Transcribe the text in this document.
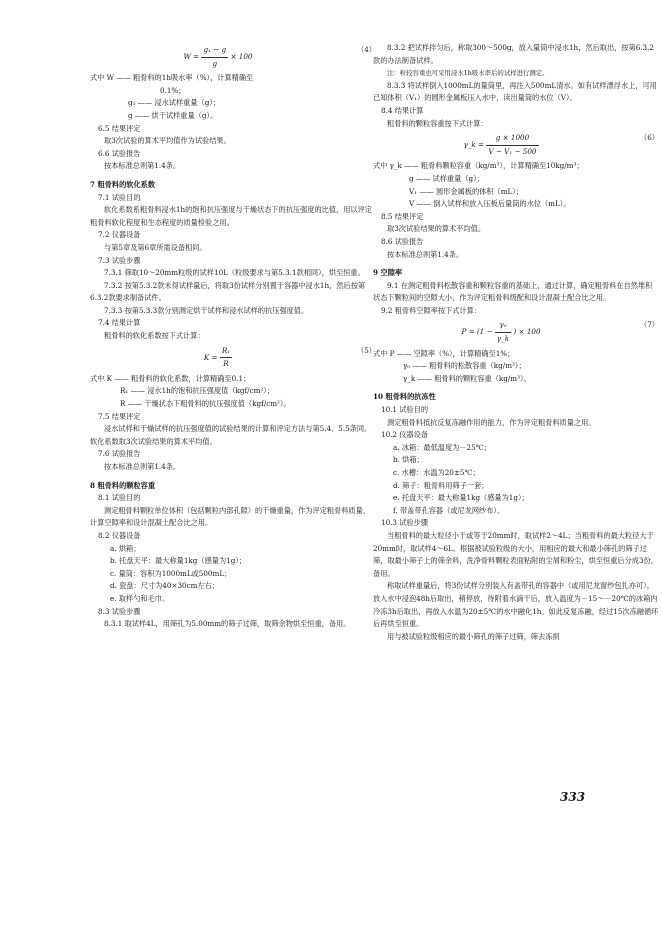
$W = \frac{\text{g₁ − g}}{g} \times 100$
（4）

式中 W —— 粗骨料的1h吸水率（%），计算精确至

0.1%；

g₁ —— 浸水试样重量（g）；

g —— 烘干试样重量（g）。

6.5 结果评定

取3次试验的算术平均值作为试验结果。

6.6 试验报告

按本标准总则第1.4条。

7 粗骨料的软化系数

7.1 试验目的

软化系数系粗骨料浸水1h的饱和抗压强度与干燥状态下的抗压强度的比值，用以评定粗骨料软化程度和生态程度的质量检验之用。

7.2 仪器设备

与第5章及第6章所需设备相同。

7.3 试验步骤

7.3.1 筛取10～20mm粒级的试样10L（粒级要求与第5.3.1款相同），烘至恒重。

7.3.2 按第5.3.2款未得试样量后，将取3份试样分别置于容器中浸水1h，然后按第6.3.2款要求制备试件。

7.3.3 按第5.3.3款分别测定烘干试样和浸水试样的抗压强度值。

7.4 结果计算

粗骨料的软化系数按下式计算：

$K = \frac{\text{R₁}}{R}$	（5）

式中 K —— 粗骨料的软化系数，计算精确至0.1；

R₁ —— 浸水1h的饱和抗压强度值（kgf/cm²）；

R —— 干燥状态下粗骨料的抗压强度值（kgf/cm²）。

7.5 结果评定

浸水试样和干燥试样的抗压强度值的试验结果的计算和评定方法与第5.4、5.5条同。软化系数取3次试验结果的算术平均值。

7.6 试验报告

按本标准总则第1.4条。

8 粗骨料的颗粒容重

8.1 试验目的

测定粗骨料颗粒单位体积（包括颗粒内部孔隙）的干燥重量，作为评定粗骨料质量、计算空隙率和设计混凝土配合比之用。

8.2 仪器设备

a. 烘箱；

b. 托盘天平：最大称量1kg（感量为1g）；

c. 量筒：容积为1000mL或500mL；

d. 瓷盘：尺寸为40×30cm左右；

e. 取样勺和毛巾。

8.3 试验步骤

8.3.1 取试样4L，用筛孔为5.00mm的筛子过筛，取筛余物烘至恒重，备用。

8.3.2 把试样拌匀后，称取300～500g，放入量筒中浸水1h，然后取出，按第6.3.2款的办法制备试样。

注：粒较容重也可采用浸水1h吸水率后的试样进行测定。

8.3.3 将试样倒入1000mL的量筒里，再注入500mL清水。如有试样漂浮水上，可用已知体积（V₁）的圆形金属板压入水中，读出量筒的水位（V）。

8.4 结果计算

粗骨料的颗粒容重按下式计算：

γ_k = $\frac{g \times 1000}{\text{V − V₁ − 500}}$	（6）

式中 γ_k —— 粗骨料颗粒容重（kg/m³），计算精确至10kg/m³；

g —— 试样重量（g）；

V₁ —— 圆形金属板的体积（mL）；

V —— 倒入试样和放入压板后量筒的水位（mL）。

8.5 结果评定

取3次试验结果的算术平均值。

8.6 试验报告

按本标准总则第1.4条。

9 空隙率

9.1 在测定粗骨料松散容重和颗粒容重的基础上，通过计算，确定粗骨料在自然堆积状态下颗粒间的空隙大小，作为评定粗骨料级配和设计混凝土配合比之用。

9.2 粗骨料空隙率按下式计算：

$P = (1 - \frac{\text{γ₀}}{\gamma\_k}$ ) × 100
（7）

式中 P —— 空隙率（%），计算精确至1%；

γ₀ —— 粗骨料的松散容重（kg/m³）；

γ_k —— 粗骨料的颗粒容重（kg/m³）。

10 粗骨料的抗冻性

10.1 试验目的

测定粗骨料抵抗反复冻融作用的能力，作为评定粗骨料质量之用。

10.2 仪器设备

a. 冰箱：最低温度为－25℃；

b. 烘箱；

c. 水槽：水温为20±5℃；

d. 筛子：粗骨料用筛子一套；

e. 托盘天平：最大称量1kg（感量为1g）；

f. 带盖带孔容器（或尼龙网纱布）。

10.3 试验步骤

当粗骨料的最大粒径小于或等于20mm时，取试样2～4L；当粗骨料的最大粒径大于20mm时，取试样4～6L。根据被试验粒级的大小，用相应的最大和最小筛孔的筛子过筛，取最小筛子上的筛余料，洗净骨料颗粒表面粘附的尘屑和粉尘，烘至恒重后分成3份，备用。

称取试样重量后，将3份试样分别装入有盖带孔的容器中（或用尼龙窗纱包扎亦可），放入水中浸泡48h后取出，稍停放，待附着水滴干后，放入温度为－15～－20℃的冰箱内冷冻3h后取出，再放入水温为20±5℃的水中融化1h。如此反复冻融，经过15次冻融循环后再烘至恒重。

用与被试验粒级相应的最小筛孔的筛子过筛，筛去冻损

333
